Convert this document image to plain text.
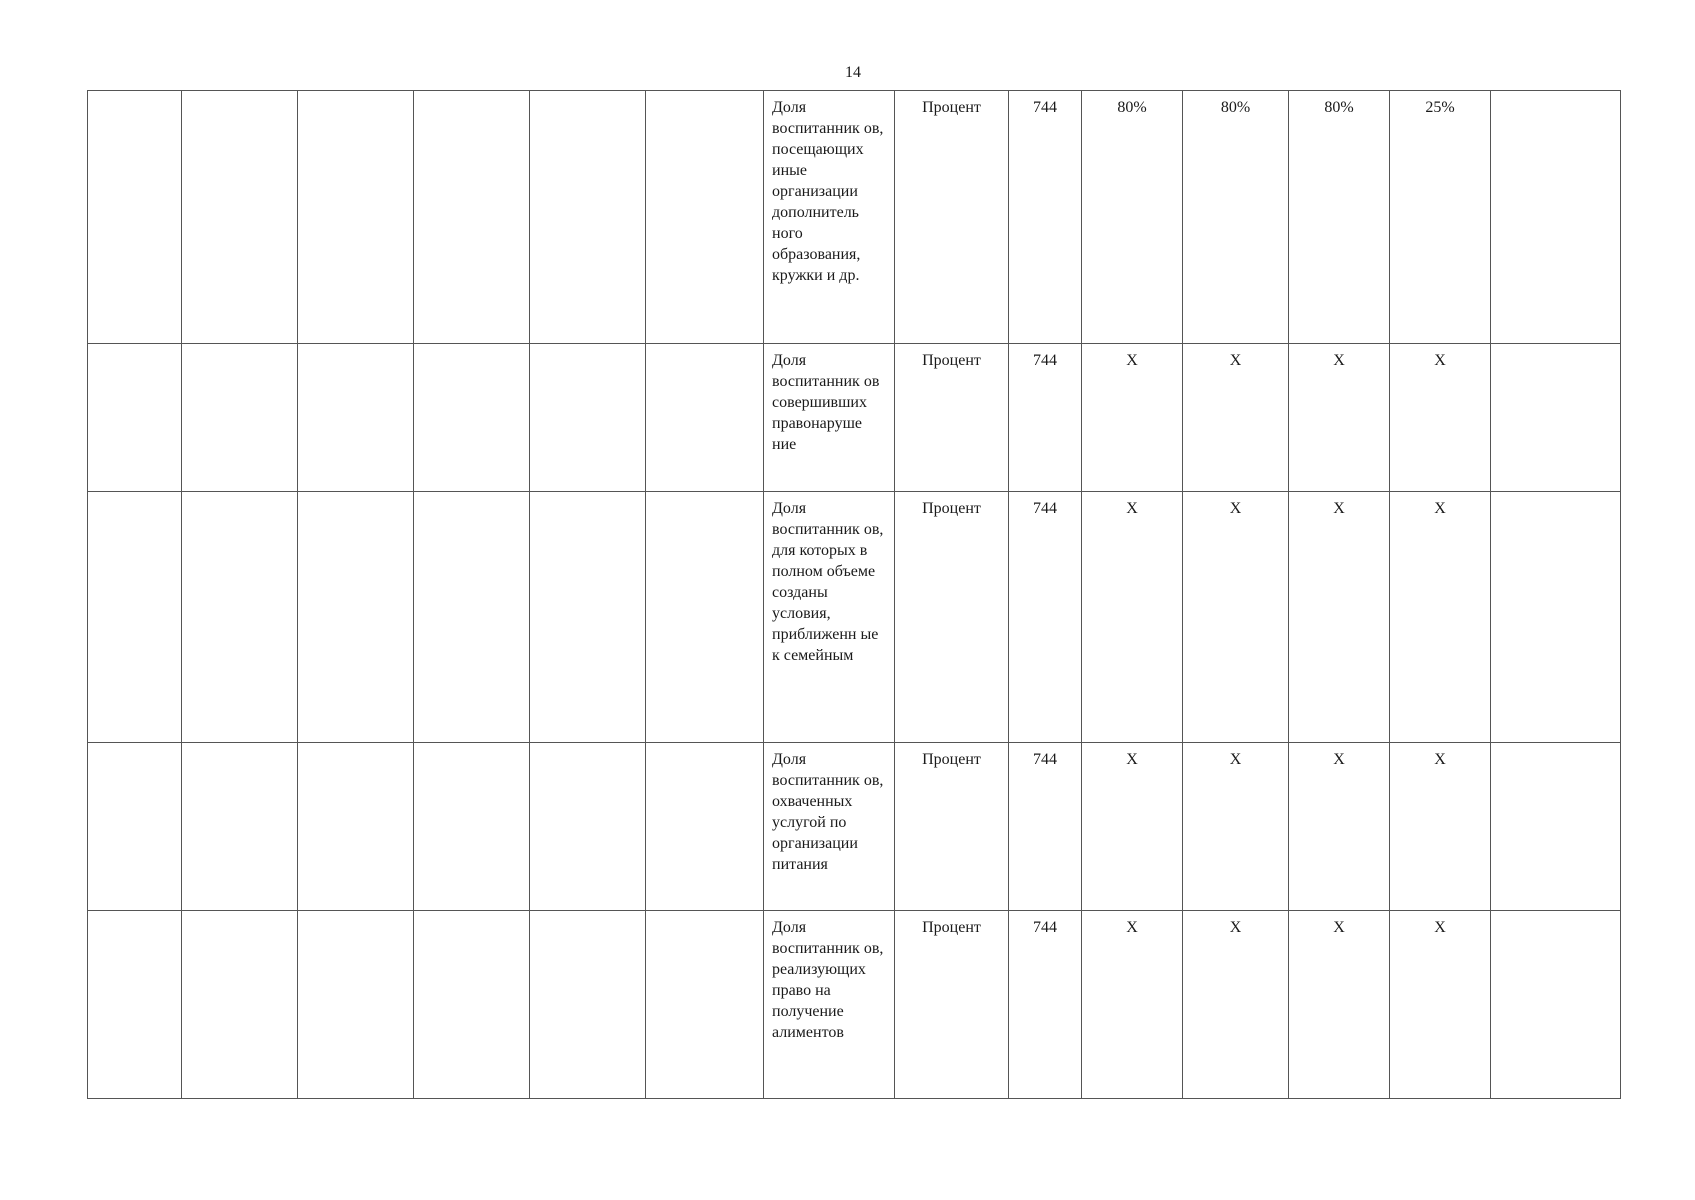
14
						Доля воспитанник ов, посещающих иные организации дополнитель ного образования, кружки и др.	Процент	744	80%	80%	80%	25%	
						Доля воспитанник ов совершивших правонаруше ние	Процент	744	X	X	X	X	
						Доля воспитанник ов, для которых в полном объеме созданы условия, приближенн ые к семейным	Процент	744	X	X	X	X	
						Доля воспитанник ов, охваченных услугой по организации питания	Процент	744	X	X	X	X	
						Доля воспитанник ов, реализующих право на получение алиментов	Процент	744	X	X	X	X	
